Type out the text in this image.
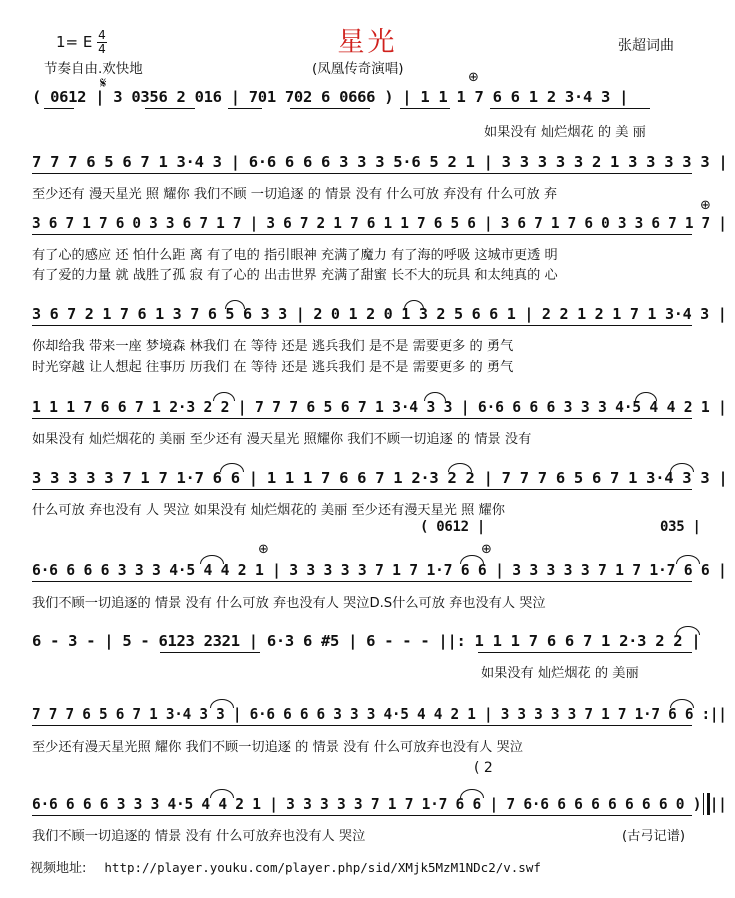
星光
1= E 4
4	张超词曲
节奏自由.欢快地	(凤凰传奇演唱)
𝄋	⊕
⊕
⊕	⊕
( 0612 | 3 0356 2 016 | 701 702 6 0666 ) | 1 1 1 7 6 6 1 2 3·4 3 |
如果没有 灿烂烟花 的 美 丽
7 7 7 6 5 6 7 1 3·4 3 | 6·6 6 6 6 3 3 3 5·6 5 2 1 | 3 3 3 3 3 2 1 3 3 3 3 3 |
至少还有 漫天星光 照 耀你 我们不顾 一切追逐 的 情景 没有 什么可放 弃没有 什么可放 弃
3 6 7 1 7 6 0 3 3 6 7 1 7 | 3 6 7 2 1 7 6 1 1 7 6 5 6 | 3 6 7 1 7 6 0 3 3 6 7 1 7 |
有了心的感应 还 怕什么距 离 有了电的 指引眼神 充满了魔力 有了海的呼吸 这城市更透 明
有了爱的力量 就 战胜了孤 寂 有了心的 出击世界 充满了甜蜜 长不大的玩具 和太纯真的 心
3 6 7 2 1 7 6 1 3 7 6 5 6 3 3 | 2 0 1 2 0 1 3 2 5 6 6 1 | 2 2 1 2 1 7 1 3·4 3 |
你却给我 带来一座 梦境森 林我们 在 等待 还是 逃兵我们 是不是 需要更多 的 勇气
时光穿越 让人想起 往事历 历我们 在 等待 还是 逃兵我们 是不是 需要更多 的 勇气
1 1 1 7 6 6 7 1 2·3 2 2 | 7 7 7 6 5 6 7 1 3·4 3 3 | 6·6 6 6 6 3 3 3 4·5 4 4 2 1 |
如果没有 灿烂烟花的 美丽 至少还有 漫天星光 照耀你 我们不顾一切追逐 的 情景 没有
3 3 3 3 3 7 1 7 1·7 6 6 | 1 1 1 7 6 6 7 1 2·3 2 2 | 7 7 7 6 5 6 7 1 3·4 3 3 |
什么可放 弃也没有 人 哭泣 如果没有 灿烂烟花的 美丽 至少还有漫天星光 照 耀你
( 0612 |	035 |
6·6 6 6 6 3 3 3 4·5 4 4 2 1 | 3 3 3 3 3 7 1 7 1·7 6 6 | 3 3 3 3 3 7 1 7 1·7 6 6 |
我们不顾一切追逐的 情景 没有 什么可放 弃也没有人 哭泣D.S什么可放 弃也没有人 哭泣
6 - 3 - | 5 - 6123 2321 | 6·3 6 #5 | 6 - - - ||: 1 1 1 7 6 6 7 1 2·3 2 2 |
如果没有 灿烂烟花 的 美丽
7 7 7 6 5 6 7 1 3·4 3 3 | 6·6 6 6 6 3 3 3 4·5 4 4 2 1 | 3 3 3 3 3 7 1 7 1·7 6 6 :||
至少还有漫天星光照 耀你 我们不顾一切追逐 的 情景 没有 什么可放弃也没有人 哭泣
( 2
6·6 6 6 6 3 3 3 4·5 4 4 2 1 | 3 3 3 3 3 7 1 7 1·7 6 6 | 7 6·6 6 6 6 6 6 6 6 0 ) ||
我们不顾一切追逐的 情景 没有 什么可放弃也没有人 哭泣	(古弓记谱)
视频地址: http://player.youku.com/player.php/sid/XMjk5MzM1NDc2/v.swf
